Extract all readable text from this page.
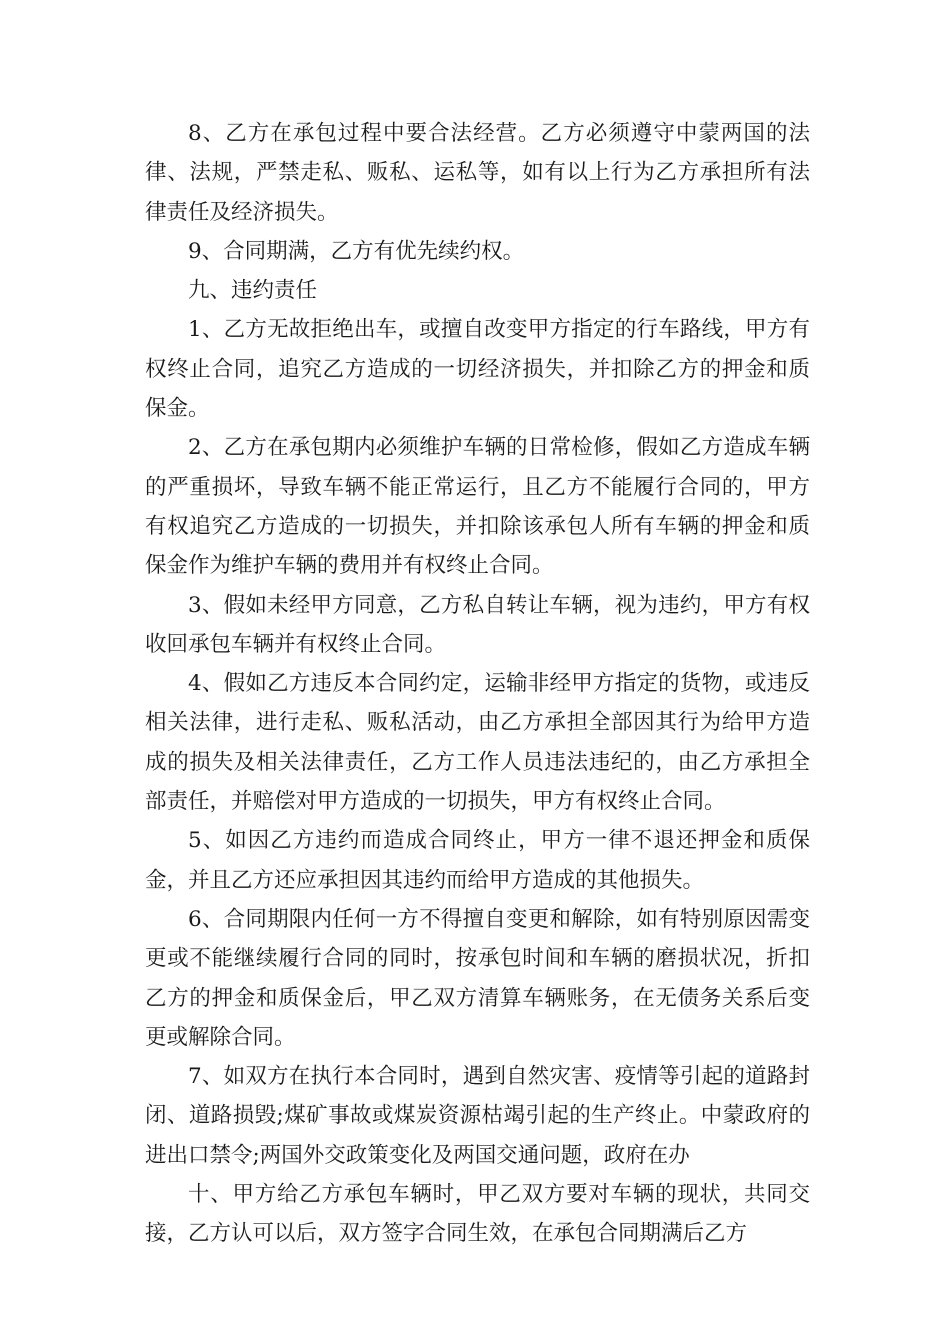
8、乙方在承包过程中要合法经营。乙方必须遵守中蒙两国的法律、法规，严禁走私、贩私、运私等，如有以上行为乙方承担所有法律责任及经济损失。

9、合同期满，乙方有优先续约权。

九、违约责任

1、乙方无故拒绝出车，或擅自改变甲方指定的行车路线，甲方有权终止合同，追究乙方造成的一切经济损失，并扣除乙方的押金和质保金。

2、乙方在承包期内必须维护车辆的日常检修，假如乙方造成车辆的严重损坏，导致车辆不能正常运行，且乙方不能履行合同的，甲方有权追究乙方造成的一切损失，并扣除该承包人所有车辆的押金和质保金作为维护车辆的费用并有权终止合同。

3、假如未经甲方同意，乙方私自转让车辆，视为违约，甲方有权收回承包车辆并有权终止合同。

4、假如乙方违反本合同约定，运输非经甲方指定的货物，或违反相关法律，进行走私、贩私活动，由乙方承担全部因其行为给甲方造成的损失及相关法律责任，乙方工作人员违法违纪的，由乙方承担全部责任，并赔偿对甲方造成的一切损失，甲方有权终止合同。

5、如因乙方违约而造成合同终止，甲方一律不退还押金和质保金，并且乙方还应承担因其违约而给甲方造成的其他损失。

6、合同期限内任何一方不得擅自变更和解除，如有特别原因需变更或不能继续履行合同的同时，按承包时间和车辆的磨损状况，折扣乙方的押金和质保金后，甲乙双方清算车辆账务，在无债务关系后变更或解除合同。

7、如双方在执行本合同时，遇到自然灾害、疫情等引起的道路封闭、道路损毁;煤矿事故或煤炭资源枯竭引起的生产终止。中蒙政府的进出口禁令;两国外交政策变化及两国交通问题，政府在办

十、甲方给乙方承包车辆时，甲乙双方要对车辆的现状，共同交接，乙方认可以后，双方签字合同生效，在承包合同期满后乙方
